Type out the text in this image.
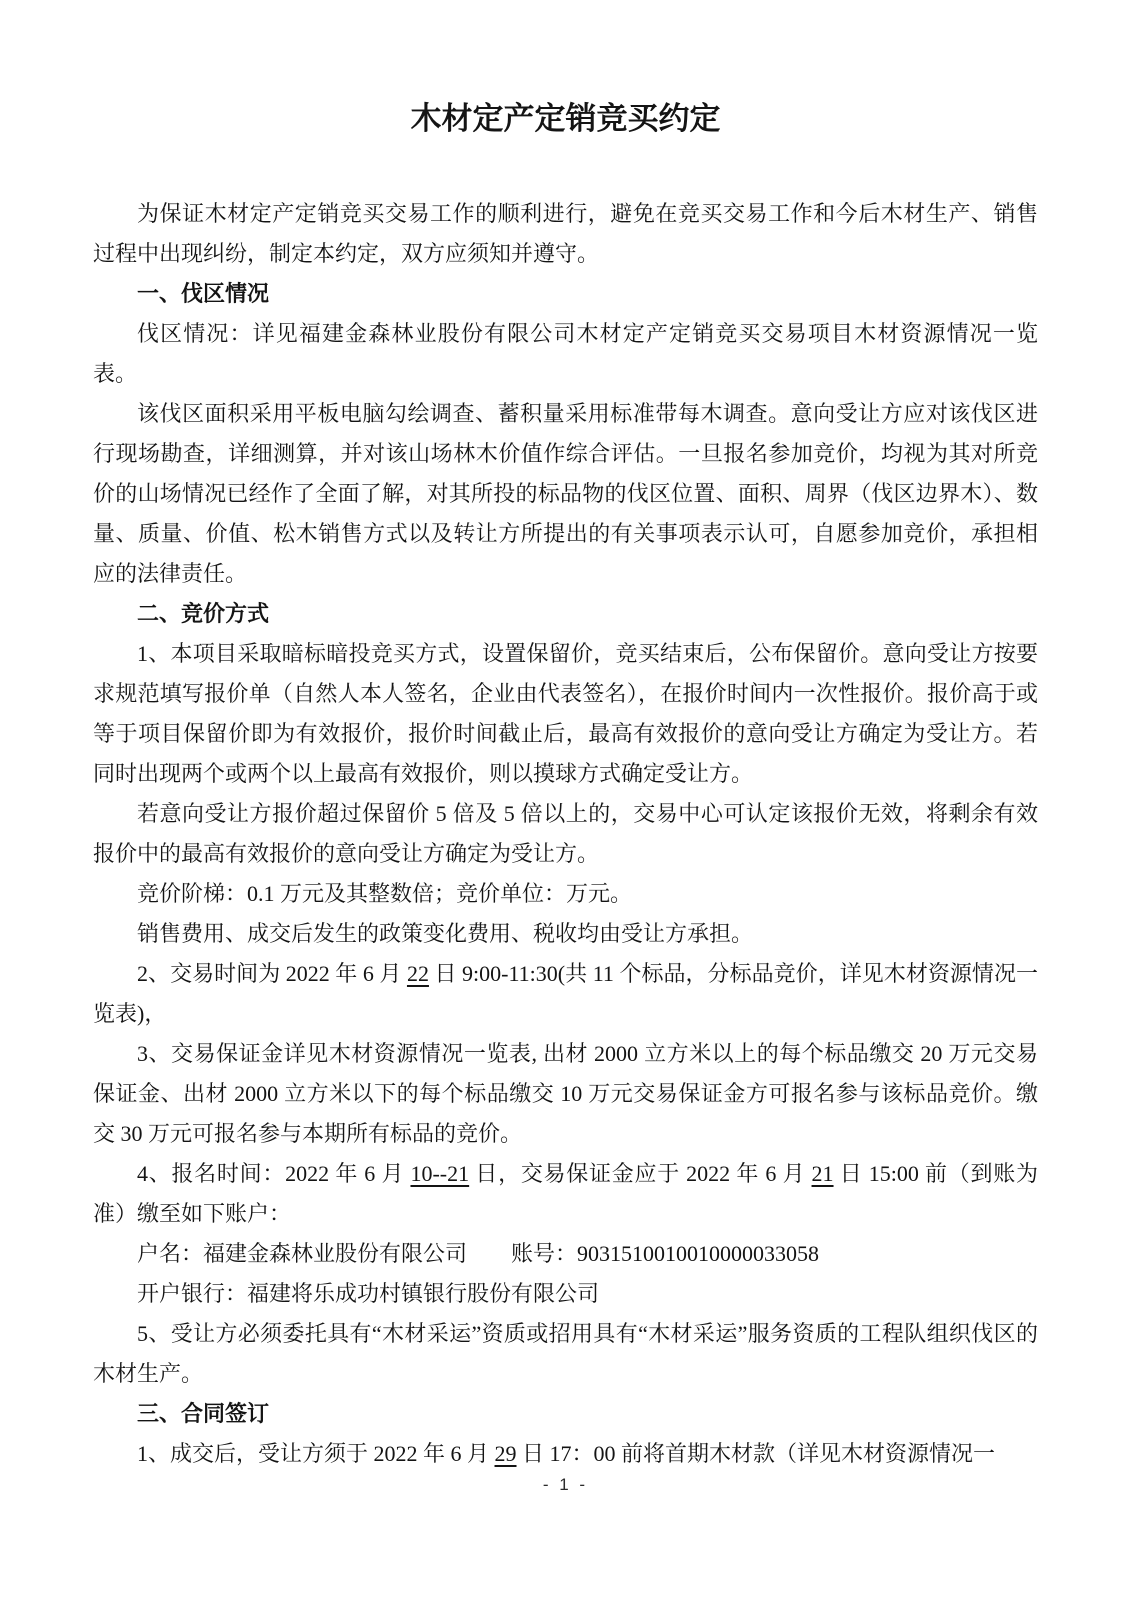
木材定产定销竞买约定

为保证木材定产定销竞买交易工作的顺利进行，避免在竞买交易工作和今后木材生产、销售过程中出现纠纷，制定本约定，双方应须知并遵守。

一、伐区情况

伐区情况：详见福建金森林业股份有限公司木材定产定销竞买交易项目木材资源情况一览表。

该伐区面积采用平板电脑勾绘调查、蓄积量采用标准带每木调查。意向受让方应对该伐区进行现场勘查，详细测算，并对该山场林木价值作综合评估。一旦报名参加竞价，均视为其对所竞价的山场情况已经作了全面了解，对其所投的标品物的伐区位置、面积、周界（伐区边界木）、数量、质量、价值、松木销售方式以及转让方所提出的有关事项表示认可，自愿参加竞价，承担相应的法律责任。

二、竞价方式

1、本项目采取暗标暗投竞买方式，设置保留价，竞买结束后，公布保留价。意向受让方按要求规范填写报价单（自然人本人签名，企业由代表签名），在报价时间内一次性报价。报价高于或等于项目保留价即为有效报价，报价时间截止后，最高有效报价的意向受让方确定为受让方。若同时出现两个或两个以上最高有效报价，则以摸球方式确定受让方。

若意向受让方报价超过保留价 5 倍及 5 倍以上的，交易中心可认定该报价无效，将剩余有效报价中的最高有效报价的意向受让方确定为受让方。

竞价阶梯：0.1 万元及其整数倍；竞价单位：万元。

销售费用、成交后发生的政策变化费用、税收均由受让方承担。

2、交易时间为 2022 年 6 月 22 日 9:00-11:30(共 11 个标品，分标品竞价，详见木材资源情况一览表)，

3、交易保证金详见木材资源情况一览表, 出材 2000 立方米以上的每个标品缴交 20 万元交易保证金、出材 2000 立方米以下的每个标品缴交 10 万元交易保证金方可报名参与该标品竞价。缴交 30 万元可报名参与本期所有标品的竞价。

4、报名时间：2022 年 6 月 10--21 日，交易保证金应于 2022 年 6 月 21 日 15:00 前（到账为准）缴至如下账户：

户名：福建金森林业股份有限公司 账号：9031510010010000033058

开户银行：福建将乐成功村镇银行股份有限公司

5、受让方必须委托具有“木材采运”资质或招用具有“木材采运”服务资质的工程队组织伐区的木材生产。

三、合同签订

1、成交后，受让方须于 2022 年 6 月 29 日 17：00 前将首期木材款（详见木材资源情况一

- 1 -
